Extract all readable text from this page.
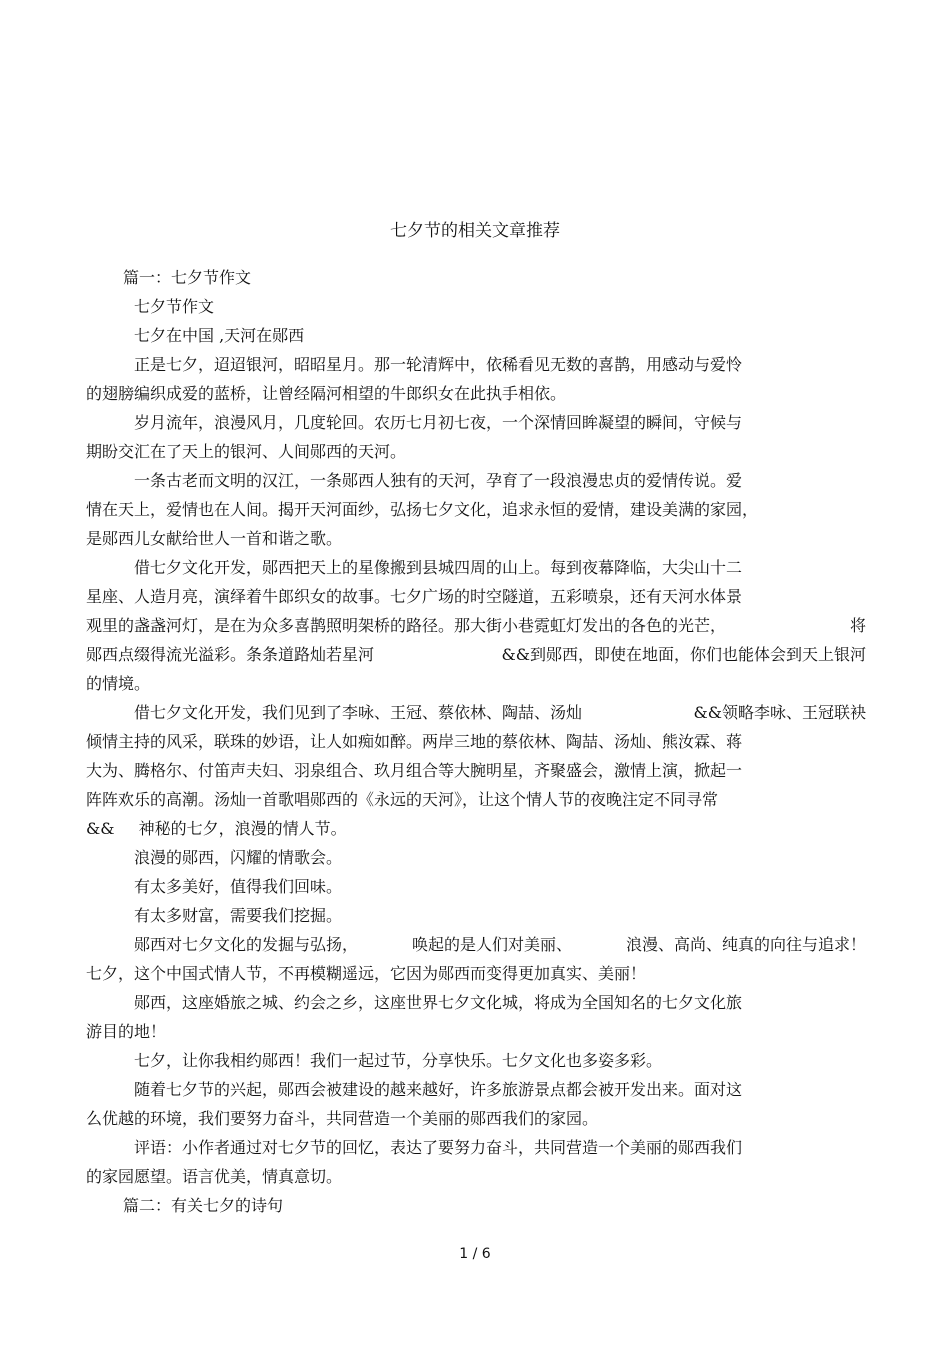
七夕节的相关文章推荐
篇一：七夕节作文
七夕节作文
七夕在中国 ,天河在郧西
正是七夕，迢迢银河，昭昭星月。那一轮清辉中，依稀看见无数的喜鹊，用感动与爱怜
的翅膀编织成爱的蓝桥，让曾经隔河相望的牛郎织女在此执手相依。
岁月流年，浪漫风月，几度轮回。农历七月初七夜，一个深情回眸凝望的瞬间，守候与
期盼交汇在了天上的银河、人间郧西的天河。
一条古老而文明的汉江，一条郧西人独有的天河，孕育了一段浪漫忠贞的爱情传说。爱
情在天上，爱情也在人间。揭开天河面纱，弘扬七夕文化，追求永恒的爱情，建设美满的家园，
是郧西儿女献给世人一首和谐之歌。
借七夕文化开发，郧西把天上的星像搬到县城四周的山上。每到夜幕降临，大尖山十二
星座、人造月亮，演绎着牛郎织女的故事。七夕广场的时空隧道，五彩喷泉，还有天河水体景
观里的盏盏河灯，是在为众多喜鹊照明架桥的路径。那大街小巷霓虹灯发出的各色的光芒，	将
郧西点缀得流光溢彩。条条道路灿若星河	&&到郧西，即使在地面，你们也能体会到天上银河
的情境。
借七夕文化开发，我们见到了李咏、王冠、蔡依林、陶喆、汤灿	&&领略李咏、王冠联袂
倾情主持的风采，联珠的妙语，让人如痴如醉。两岸三地的蔡依林、陶喆、汤灿、熊汝霖、蒋
大为、腾格尔、付笛声夫妇、羽泉组合、玖月组合等大腕明星，齐聚盛会，激情上演，掀起一
阵阵欢乐的高潮。汤灿一首歌唱郧西的《永远的天河》，让这个情人节的夜晚注定不同寻常
&& 神秘的七夕，浪漫的情人节。
浪漫的郧西，闪耀的情歌会。
有太多美好，值得我们回味。
有太多财富，需要我们挖掘。
郧西对七夕文化的发掘与弘扬，	唤起的是人们对美丽、	浪漫、高尚、纯真的向往与追求！
七夕，这个中国式情人节，不再模糊遥远，它因为郧西而变得更加真实、美丽！
郧西，这座婚旅之城、约会之乡，这座世界七夕文化城，将成为全国知名的七夕文化旅
游目的地！
七夕，让你我相约郧西！我们一起过节，分享快乐。七夕文化也多姿多彩。
随着七夕节的兴起，郧西会被建设的越来越好，许多旅游景点都会被开发出来。面对这
么优越的环境，我们要努力奋斗，共同营造一个美丽的郧西我们的家园。
评语：小作者通过对七夕节的回忆，表达了要努力奋斗，共同营造一个美丽的郧西我们
的家园愿望。语言优美，情真意切。
篇二：有关七夕的诗句
1 / 6
